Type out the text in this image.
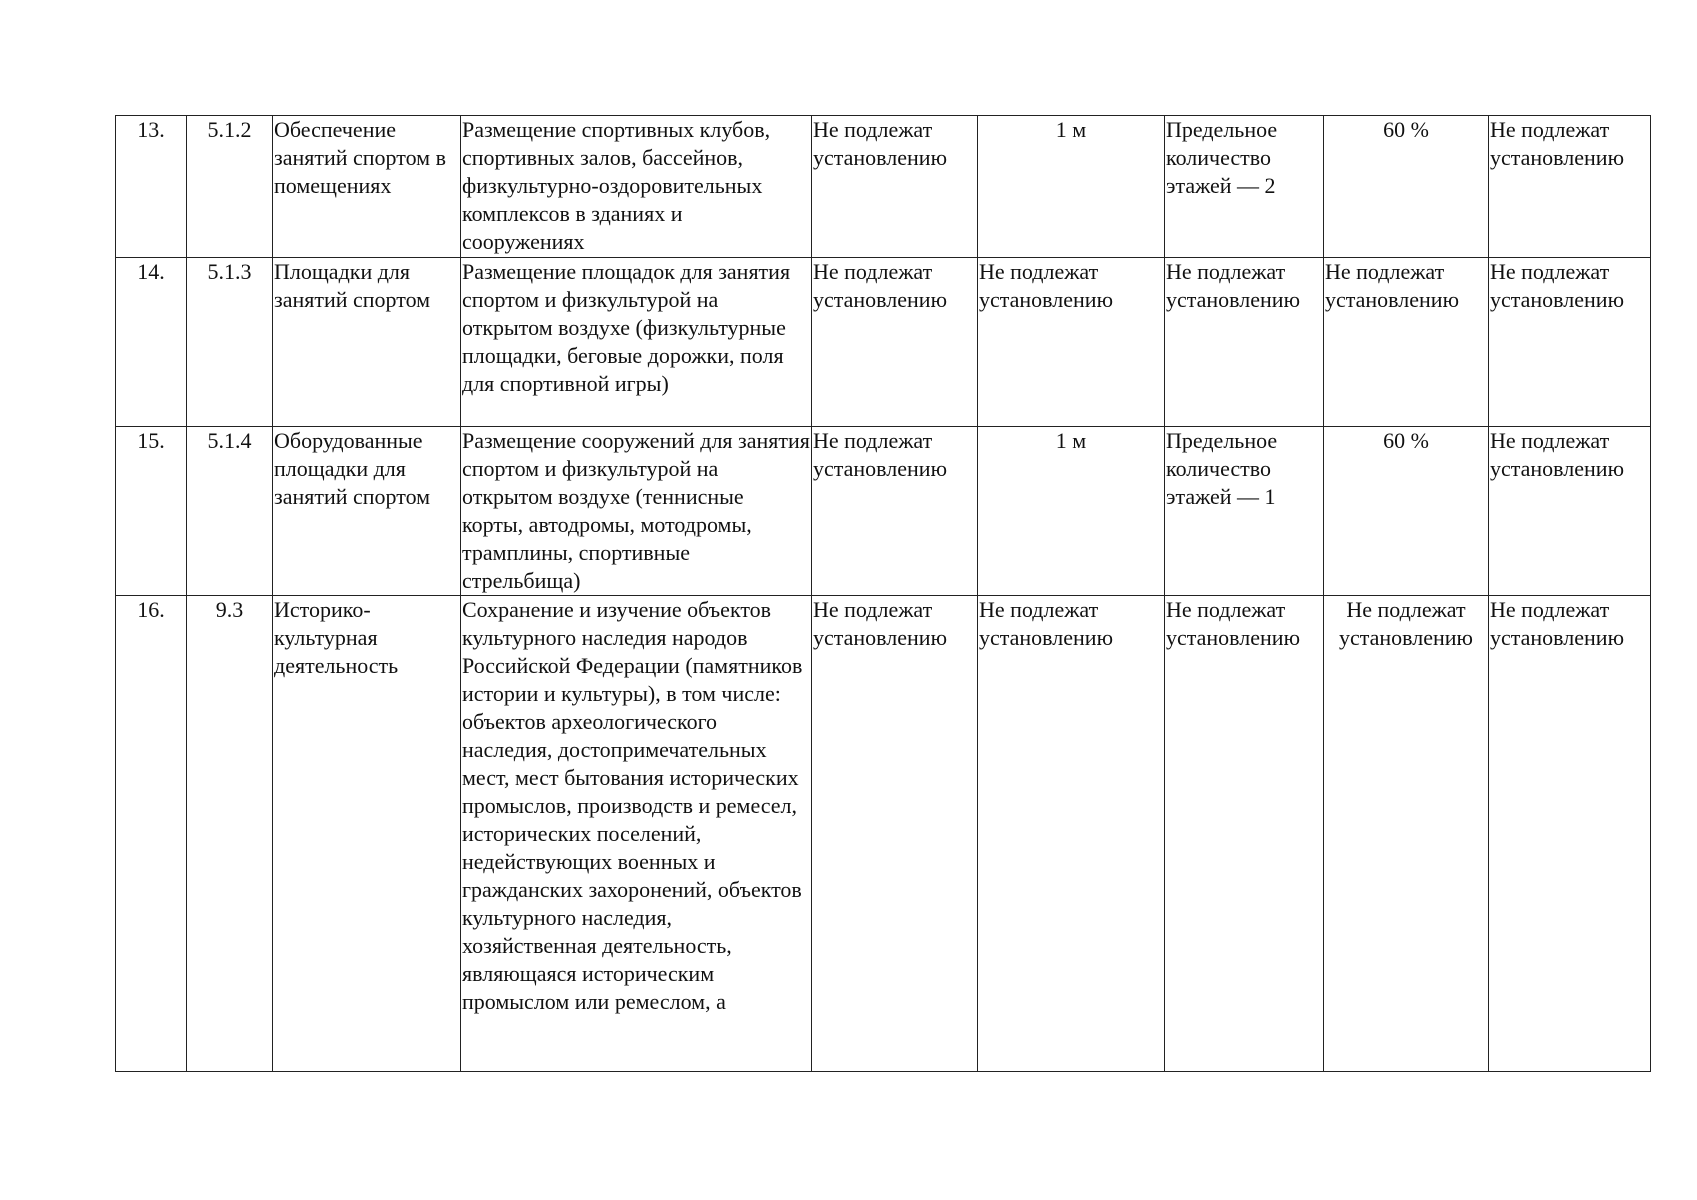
13.	5.1.2	Обеспечение занятий спортом в помещениях	Размещение спортивных клубов, спортивных залов, бассейнов, физкультурно-оздоровительных комплексов в зданиях и сооружениях	Не подлежат установлению	1 м	Предельное количество этажей — 2	60 %	Не подлежат установлению
14.	5.1.3	Площадки для занятий спортом	Размещение площадок для занятия спортом и физкультурой на открытом воздухе (физкультурные площадки, беговые дорожки, поля для спортивной игры)	Не подлежат установлению	Не подлежат установлению	Не подлежат установлению	Не подлежат установлению	Не подлежат установлению
15.	5.1.4	Оборудованные площадки для занятий спортом	Размещение сооружений для занятия спортом и физкультурой на открытом воздухе (теннисные корты, автодромы, мотодромы, трамплины, спортивные стрельбища)	Не подлежат установлению	1 м	Предельное количество этажей — 1	60 %	Не подлежат установлению
16.	9.3	Историко-культурная деятельность	Сохранение и изучение объектов культурного наследия народов Российской Федерации (памятников истории и культуры), в том числе: объектов археологического наследия, достопримечательных мест, мест бытования исторических промыслов, производств и ремесел, исторических поселений, недействующих военных и гражданских захоронений, объектов культурного наследия, хозяйственная деятельность, являющаяся историческим промыслом или ремеслом, а	Не подлежат установлению	Не подлежат установлению	Не подлежат установлению	Не подлежат установлению	Не подлежат установлению
